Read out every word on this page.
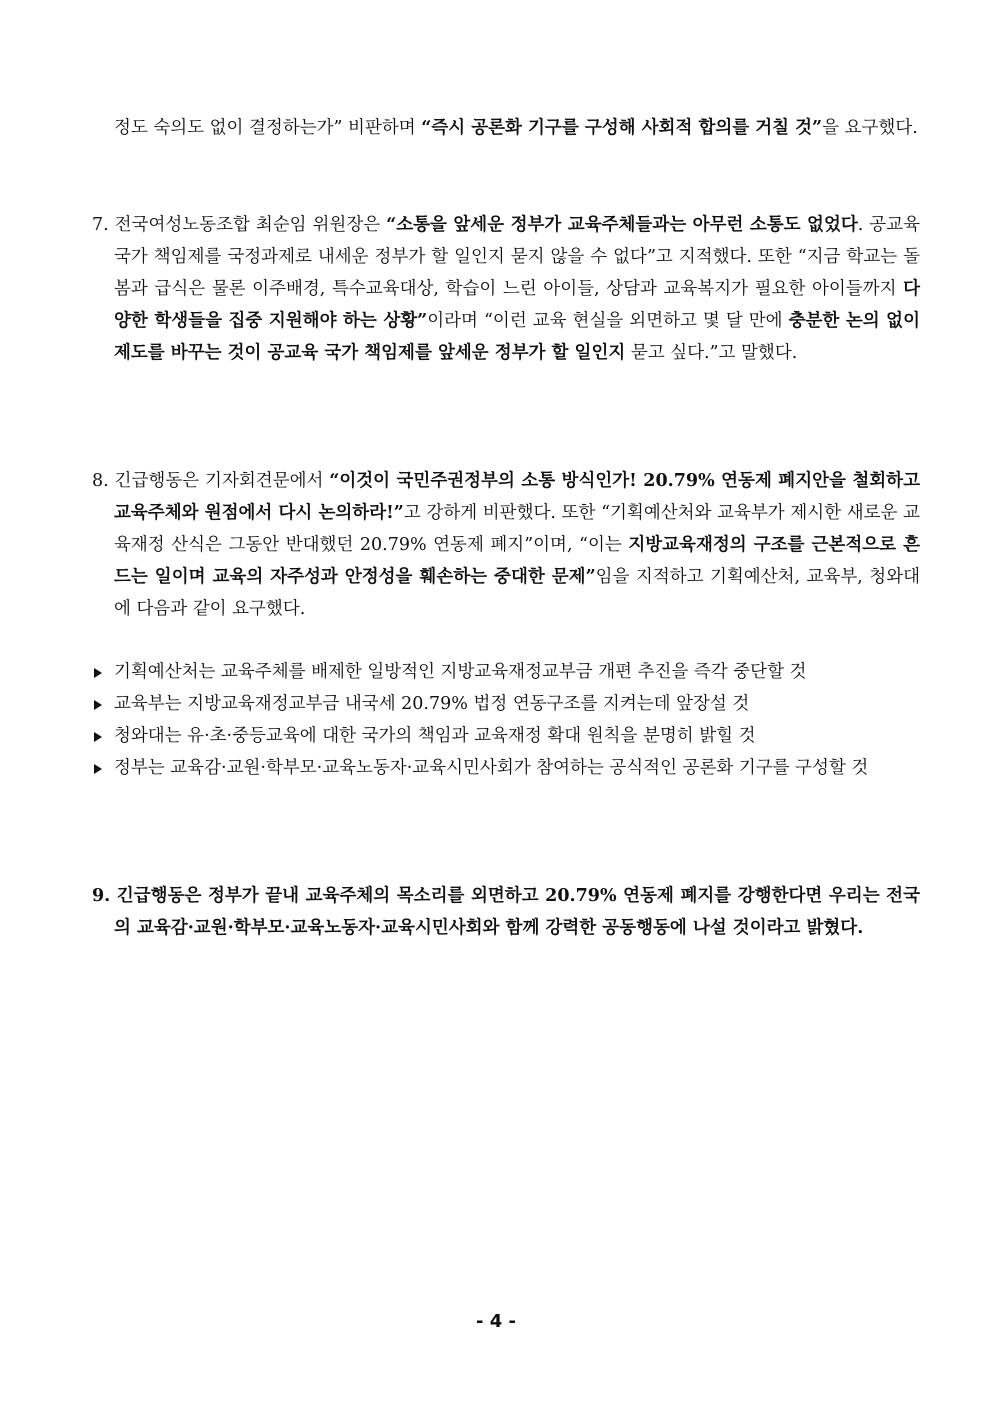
정도 숙의도 없이 결정하는가” 비판하며 “즉시 공론화 기구를 구성해 사회적 합의를 거칠 것”을 요구했다.

7. 전국여성노동조합 최순임 위원장은 “소통을 앞세운 정부가 교육주체들과는 아무런 소통도 없었다. 공교육 국가 책임제를 국정과제로 내세운 정부가 할 일인지 묻지 않을 수 없다”고 지적했다. 또한 “지금 학교는 돌봄과 급식은 물론 이주배경, 특수교육대상, 학습이 느린 아이들, 상담과 교육복지가 필요한 아이들까지 다양한 학생들을 집중 지원해야 하는 상황”이라며 “이런 교육 현실을 외면하고 몇 달 만에 충분한 논의 없이 제도를 바꾸는 것이 공교육 국가 책임제를 앞세운 정부가 할 일인지 묻고 싶다.”고 말했다.

8. 긴급행동은 기자회견문에서 “이것이 국민주권정부의 소통 방식인가! 20.79% 연동제 폐지안을 철회하고 교육주체와 원점에서 다시 논의하라!”고 강하게 비판했다. 또한 “기획예산처와 교육부가 제시한 새로운 교육재정 산식은 그동안 반대했던 20.79% 연동제 폐지”이며, “이는 지방교육재정의 구조를 근본적으로 흔드는 일이며 교육의 자주성과 안정성을 훼손하는 중대한 문제”임을 지적하고 기획예산처, 교육부, 청와대에 다음과 같이 요구했다.

기획예산처는 교육주체를 배제한 일방적인 지방교육재정교부금 개편 추진을 즉각 중단할 것
교육부는 지방교육재정교부금 내국세 20.79% 법정 연동구조를 지켜는데 앞장설 것
청와대는 유·초·중등교육에 대한 국가의 책임과 교육재정 확대 원칙을 분명히 밝힐 것
정부는 교육감·교원·학부모·교육노동자·교육시민사회가 참여하는 공식적인 공론화 기구를 구성할 것

9. 긴급행동은 정부가 끝내 교육주체의 목소리를 외면하고 20.79% 연동제 폐지를 강행한다면 우리는 전국의 교육감·교원·학부모·교육노동자·교육시민사회와 함께 강력한 공동행동에 나설 것이라고 밝혔다.

- 4 -
